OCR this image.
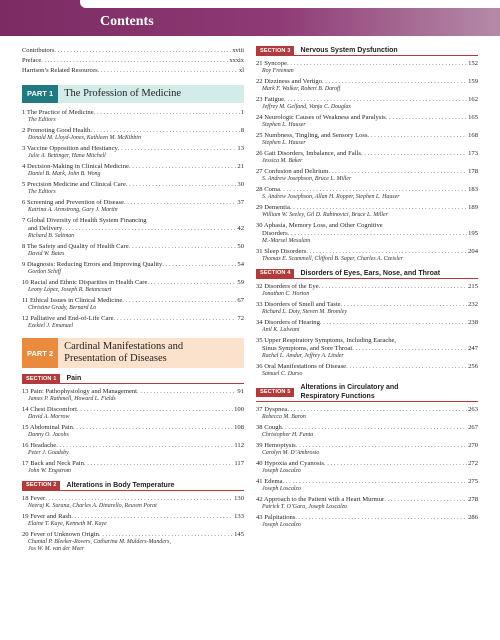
Contents
Contributors . . .	xviii
Preface . . .	xxxix
Harrison’s Related Resources . . .	xl
PART 1	The Profession of Medicine
1 The Practice of Medicine . . .	1
The Editors
2 Promoting Good Health . . .	8
Donald M. Lloyd-Jones, Kathleen M. McKibbin
3 Vaccine Opposition and Hesitancy . . .	13
Julie A. Bettinger, Hana Mitchell
4 Decision-Making in Clinical Medicine . . .	21
Daniel B. Mark, John B. Wong
5 Precision Medicine and Clinical Care . . .	30
The Editors
6 Screening and Prevention of Disease . . .	37
Katrina A. Armstrong, Gary J. Martin
7 Global Diversity of Health System Financing
and Delivery . . .	42
Richard B. Saltman
8 The Safety and Quality of Health Care . . .	50
David W. Bates
9 Diagnosis: Reducing Errors and Improving Quality . . .	54
Gordon Schiff
10 Racial and Ethnic Disparities in Health Care . . .	59
Leony López, Joseph R. Betancourt
11 Ethical Issues in Clinical Medicine . . .	67
Christine Grady, Bernard Lo
12 Palliative and End-of-Life Care . . .	72
Ezekiel J. Emanuel
PART 2
Cardinal Manifestations and
Presentation of Diseases
SECTION 1	Pain
13 Pain: Pathophysiology and Management . . .	91
James P. Rathmell, Howard L. Fields
14 Chest Discomfort . . .	100
David A. Morrow
15 Abdominal Pain . . .	108
Danny O. Jacobs
16 Headache . . .	112
Peter J. Goadsby
17 Back and Neck Pain . . .	117
John W. Engstrom
SECTION 2	Alterations in Body Temperature
18 Fever . . .	130
Neeraj K. Surana, Charles A. Dinarello, Reuven Porat
19 Fever and Rash . . .	133
Elaine T. Kaye, Kenneth M. Kaye
20 Fever of Unknown Origin . . .	145
Chantal P. Bleeker-Rovers, Catharina M. Mulders-Manders,
Jos W. M. van der Meer
SECTION 3	Nervous System Dysfunction
21 Syncope . . .	152
Roy Freeman
22 Dizziness and Vertigo . . .	159
Mark F. Walker, Robert B. Daroff
23 Fatigue . . .	162
Jeffrey M. Gelfand, Vanja C. Douglas
24 Neurologic Causes of Weakness and Paralysis . . .	165
Stephen L. Hauser
25 Numbness, Tingling, and Sensory Loss . . .	168
Stephen L. Hauser
26 Gait Disorders, Imbalance, and Falls . . .	173
Jessica M. Baker
27 Confusion and Delirium . . .	178
S. Andrew Josephson, Bruce L. Miller
28 Coma . . .	183
S. Andrew Josephson, Allan H. Ropper, Stephen L. Hauser
29 Dementia . . .	189
William W. Seeley, Gil D. Rabinovici, Bruce L. Miller
30 Aphasia, Memory Loss, and Other Cognitive
Disorders . . .	195
M.-Marsel Mesulam
31 Sleep Disorders . . .	204
Thomas E. Scammell, Clifford B. Saper, Charles A. Czeisler
SECTION 4	Disorders of Eyes, Ears, Nose, and Throat
32 Disorders of the Eye . . .	215
Jonathan C. Horton
33 Disorders of Smell and Taste . . .	232
Richard L. Doty, Steven M. Bromley
34 Disorders of Hearing . . .	238
Anil K. Lalwani
35 Upper Respiratory Symptoms, Including Earache,
Sinus Symptoms, and Sore Throat . . .	247
Rachel L. Amdur, Jeffrey A. Linder
36 Oral Manifestations of Disease . . .	256
Samuel C. Durso
SECTION 5
Alterations in Circulatory and
Respiratory Functions
37 Dyspnea . . .	263
Rebecca M. Baron
38 Cough . . .	267
Christopher H. Fanta
39 Hemoptysis . . .	270
Carolyn M. D’Ambrosio
40 Hypoxia and Cyanosis . . .	272
Joseph Loscalzo
41 Edema . . .	275
Joseph Loscalzo
42 Approach to the Patient with a Heart Murmur . . .	278
Patrick T. O’Gara, Joseph Loscalzo
43 Palpitations . . .	286
Joseph Loscalzo
